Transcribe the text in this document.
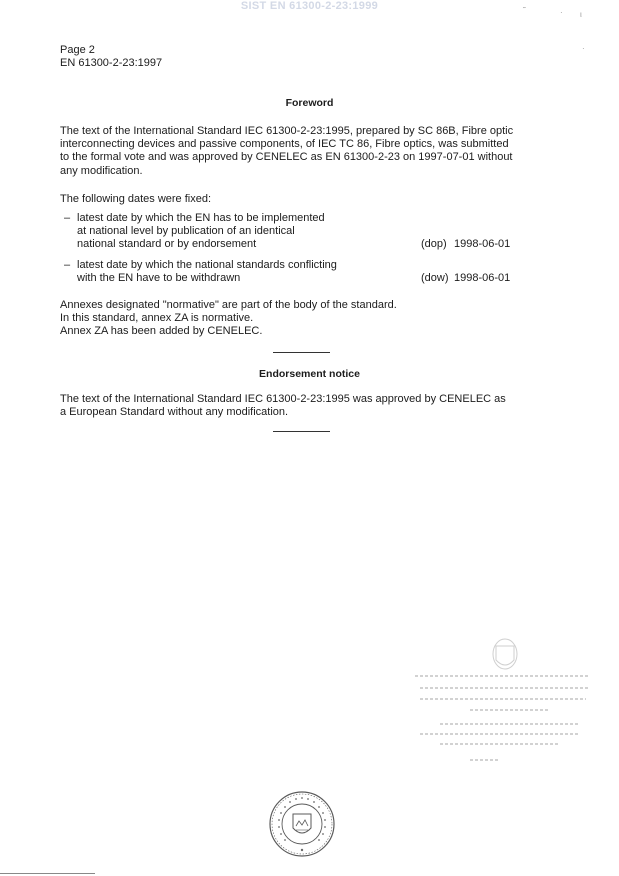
SIST EN 61300-2-23:1999	˜	· ι
·
Page 2
EN 61300-2-23:1997
Foreword
The text of the International Standard IEC 61300-2-23:1995, prepared by SC 86B, Fibre optic
interconnecting devices and passive components, of IEC TC 86, Fibre optics, was submitted
to the formal vote and was approved by CENELEC as EN 61300-2-23 on 1997-07-01 without
any modification.
The following dates were fixed:
– latest date by which the EN has to be implemented
at national level by publication of an identical
national standard or by endorsement	(dop) 1998-06-01
– latest date by which the national standards conflicting
with the EN have to be withdrawn	(dow) 1998-06-01
Annexes designated "normative" are part of the body of the standard.
In this standard, annex ZA is normative.
Annex ZA has been added by CENELEC.
Endorsement notice
The text of the International Standard IEC 61300-2-23:1995 was approved by CENELEC as
a European Standard without any modification.
